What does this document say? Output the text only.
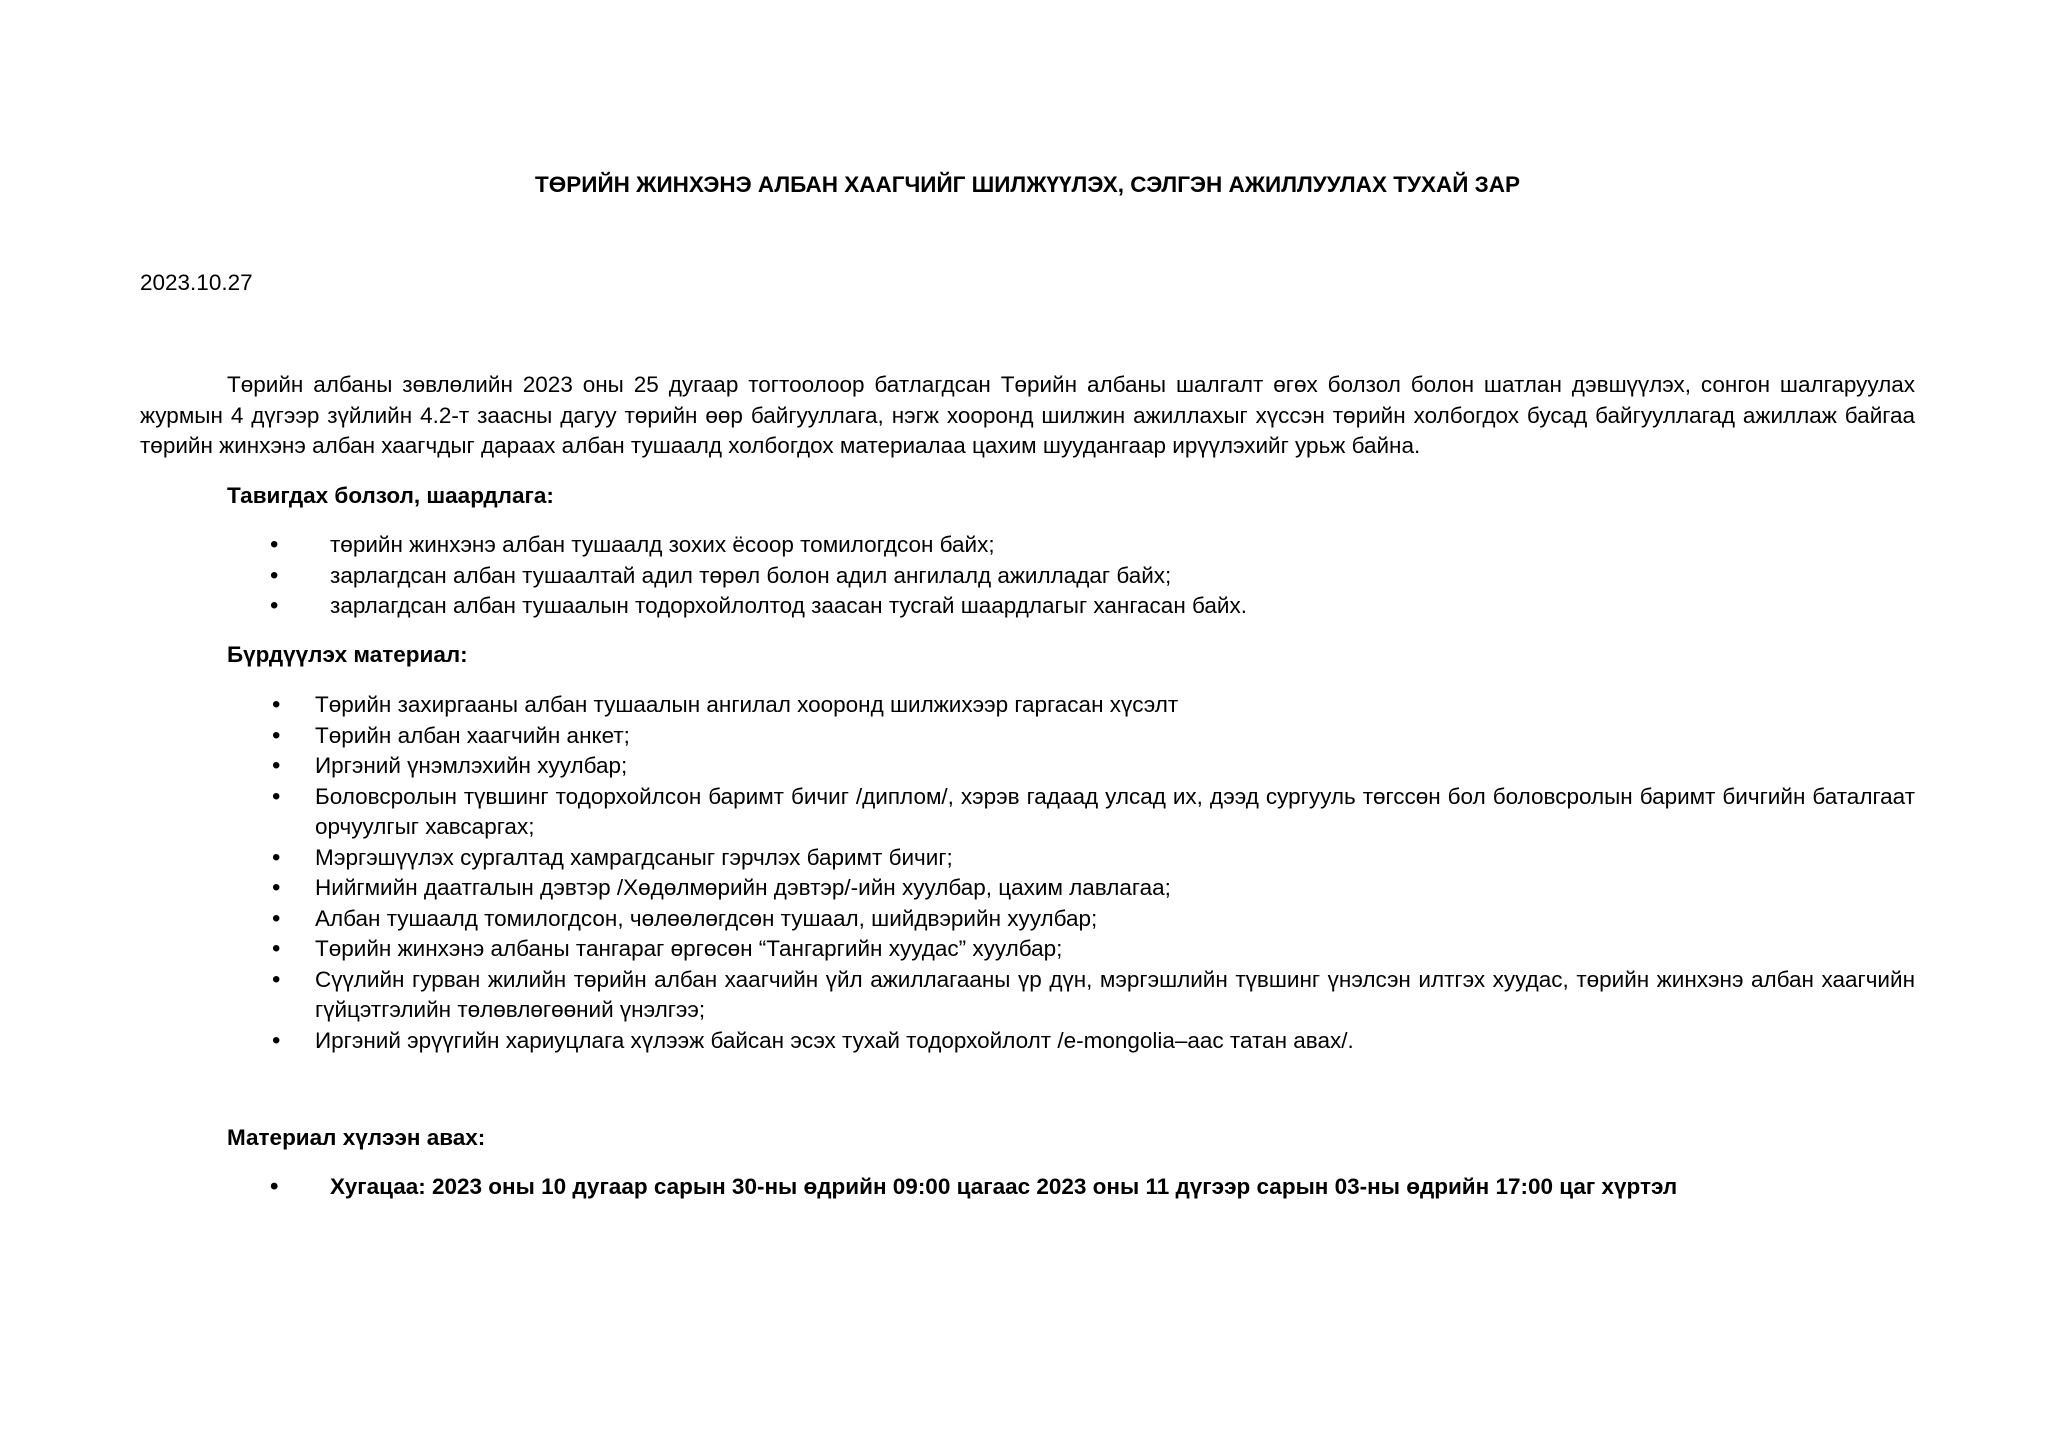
ТӨРИЙН ЖИНХЭНЭ АЛБАН ХААГЧИЙГ ШИЛЖҮҮЛЭХ, СЭЛГЭН АЖИЛЛУУЛАХ ТУХАЙ ЗАР

2023.10.27

Төрийн албаны зөвлөлийн 2023 оны 25 дугаар тогтоолоор батлагдсан Төрийн албаны шалгалт өгөх болзол болон шатлан дэвшүүлэх, сонгон шалгаруулах журмын 4 дүгээр зүйлийн 4.2-т заасны дагуу төрийн өөр байгууллага, нэгж хооронд шилжин ажиллахыг хүссэн төрийн холбогдох бусад байгууллагад ажиллаж байгаа төрийн жинхэнэ албан хаагчдыг дараах албан тушаалд холбогдох материалаа цахим шуудангаар ирүүлэхийг урьж байна.

Тавигдах болзол, шаардлага:

• төрийн жинхэнэ албан тушаалд зохих ёсоор томилогдсон байх;
• зарлагдсан албан тушаалтай адил төрөл болон адил ангилалд ажилладаг байх;
• зарлагдсан албан тушаалын тодорхойлолтод заасан тусгай шаардлагыг хангасан байх.

Бүрдүүлэх материал:

• Төрийн захиргааны албан тушаалын ангилал хооронд шилжихээр гаргасан хүсэлт
• Төрийн албан хаагчийн анкет;
• Иргэний үнэмлэхийн хуулбар;
• Боловсролын түвшинг тодорхойлсон баримт бичиг /диплом/, хэрэв гадаад улсад их, дээд сургууль төгссөн бол боловсролын баримт бичгийн баталгаат орчуулгыг хавсаргах;
• Мэргэшүүлэх сургалтад хамрагдсаныг гэрчлэх баримт бичиг;
• Нийгмийн даатгалын дэвтэр /Хөдөлмөрийн дэвтэр/-ийн хуулбар, цахим лавлагаа;
• Албан тушаалд томилогдсон, чөлөөлөгдсөн тушаал, шийдвэрийн хуулбар;
• Төрийн жинхэнэ албаны тангараг өргөсөн “Тангаргийн хуудас” хуулбар;
• Сүүлийн гурван жилийн төрийн албан хаагчийн үйл ажиллагааны үр дүн, мэргэшлийн түвшинг үнэлсэн илтгэх хуудас, төрийн жинхэнэ албан хаагчийн гүйцэтгэлийн төлөвлөгөөний үнэлгээ;
• Иргэний эрүүгийн хариуцлага хүлээж байсан эсэх тухай тодорхойлолт /e-mongolia–аас татан авах/.

Материал хүлээн авах:

• Хугацаа: 2023 оны 10 дугаар сарын 30-ны өдрийн 09:00 цагаас 2023 оны 11 дүгээр сарын 03-ны өдрийн 17:00 цаг хүртэл
